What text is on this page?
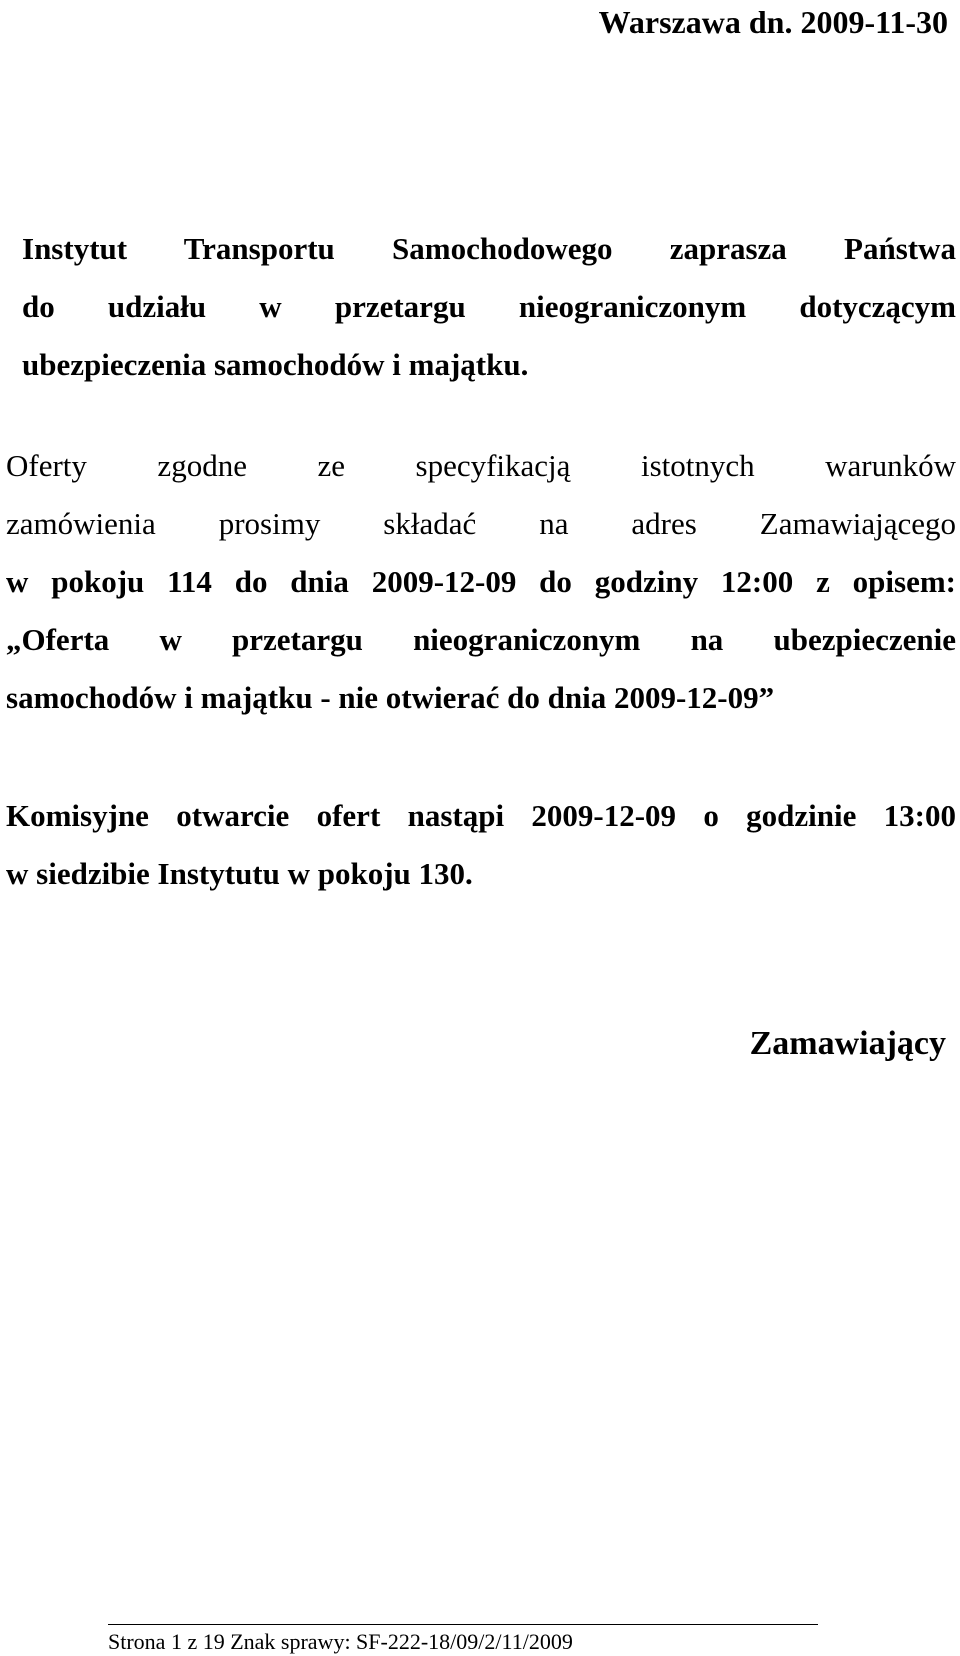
Warszawa dn. 2009-11-30

Instytut Transportu Samochodowego zaprasza Państwa

do udziału w przetargu nieograniczonym dotyczącym

ubezpieczenia samochodów i majątku.

Oferty zgodne ze specyfikacją istotnych warunków

zamówienia prosimy składać na adres Zamawiającego

w pokoju 114 do dnia 2009-12-09 do godziny 12:00 z opisem:

„Oferta w przetargu nieograniczonym na ubezpieczenie

samochodów i majątku - nie otwierać do dnia 2009-12-09”

Komisyjne otwarcie ofert nastąpi 2009-12-09 o godzinie 13:00

w siedzibie Instytutu w pokoju 130.

Zamawiający

Strona 1 z 19 Znak sprawy: SF-222-18/09/2/11/2009
